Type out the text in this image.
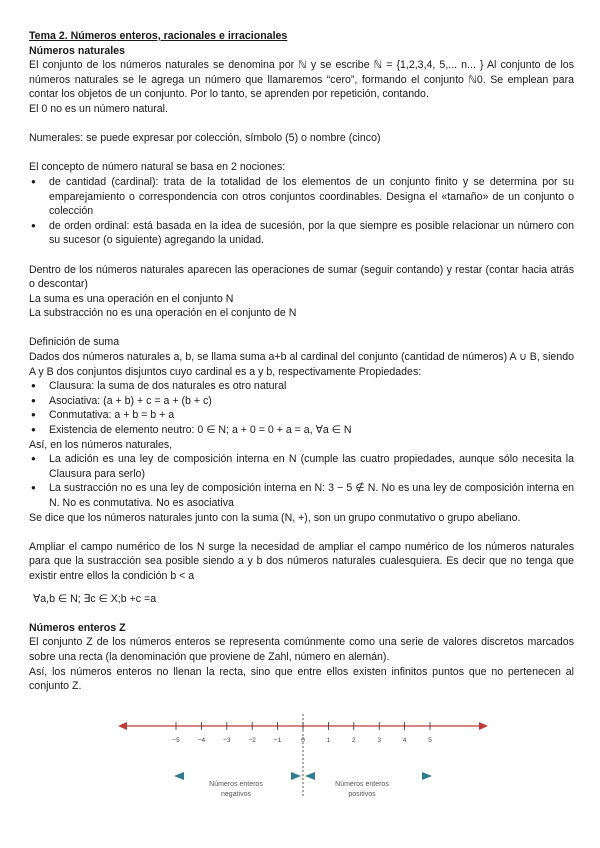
Tema 2. Números enteros, racionales e irracionales

Números naturales

El conjunto de los números naturales se denomina por ℕ y se escribe ℕ = {1,2,3,4, 5,... n... } Al conjunto de los números naturales se le agrega un número que llamaremos “cero”, formando el conjunto ℕ0. Se emplean para contar los objetos de un conjunto. Por lo tanto, se aprenden por repetición, contando.

El 0 no es un número natural.

Numerales: se puede expresar por colección, símbolo (5) o nombre (cinco)

El concepto de número natural se basa en 2 nociones:

● de cantidad (cardinal): trata de la totalidad de los elementos de un conjunto finito y se determina por su emparejamiento o correspondencia con otros conjuntos coordinables. Designa el «tamaño» de un conjunto o colección
● de orden ordinal: está basada en la idea de sucesión, por la que siempre es posible relacionar un número con su sucesor (o siguiente) agregando la unidad.

Dentro de los números naturales aparecen las operaciones de sumar (seguir contando) y restar (contar hacia atrás o descontar)

La suma es una operación en el conjunto N

La substracción no es una operación en el conjunto de N

Definición de suma

Dados dos números naturales a, b, se llama suma a+b al cardinal del conjunto (cantidad de números) A ∪ B, siendo A y B dos conjuntos disjuntos cuyo cardinal es a y b, respectivamente Propiedades:

● Clausura: la suma de dos naturales es otro natural
● Asociativa: (a + b) + c = a + (b + c)
● Conmutativa: a + b = b + a
● Existencia de elemento neutro: 0 ∈ N; a + 0 = 0 + a = a, ∀a ∈ N

Así, en los números naturales,

● La adición es una ley de composición interna en N (cumple las cuatro propiedades, aunque sólo necesita la Clausura para serlo)
● La sustracción no es una ley de composición interna en N: 3 − 5 ∉ N. No es una ley de composición interna en N. No es conmutativa. No es asociativa

Se dice que los números naturales junto con la suma (N, +), son un grupo conmutativo o grupo abeliano.

Ampliar el campo numérico de los N surge la necesidad de ampliar el campo numérico de los números naturales para que la sustracción sea posible siendo a y b dos números naturales cualesquiera. Es decir que no tenga que existir entre ellos la condición b < a

∀a,b ∈ N; ∃c ∈ X;b +c =a

Números enteros Z

El conjunto Z de los números enteros se representa comúnmente como una serie de valores discretos marcados sobre una recta (la denominación que proviene de Zahl, número en alemán).

Así, los números enteros no llenan la recta, sino que entre ellos existen infinitos puntos que no pertenecen al conjunto Z.

−5	−4	−3	−2	−1	0	1	2	3	4	5
Números enteros
negativos
Números enteros
positivos
